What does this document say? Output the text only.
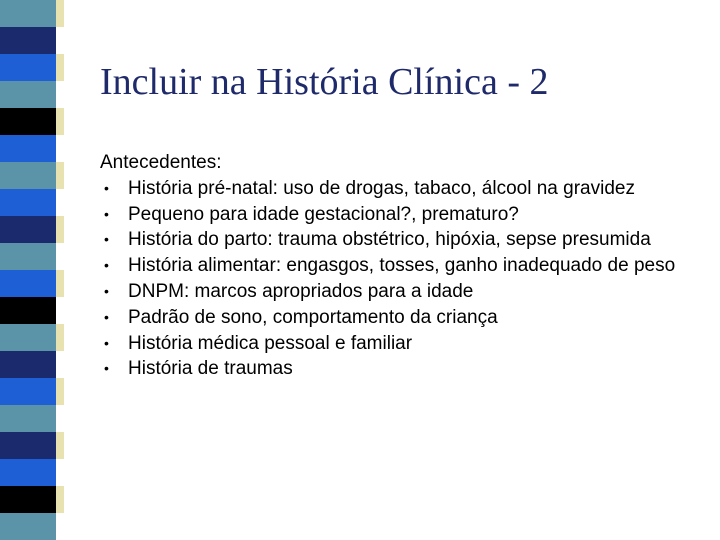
Incluir na História Clínica - 2

Antecedentes:

• História pré-natal: uso de drogas, tabaco, álcool na gravidez
• Pequeno para idade gestacional?, prematuro?
• História do parto: trauma obstétrico, hipóxia, sepse presumida
• História alimentar: engasgos, tosses, ganho inadequado de peso
• DNPM: marcos apropriados para a idade
• Padrão de sono, comportamento da criança
• História médica pessoal e familiar
• História de traumas
